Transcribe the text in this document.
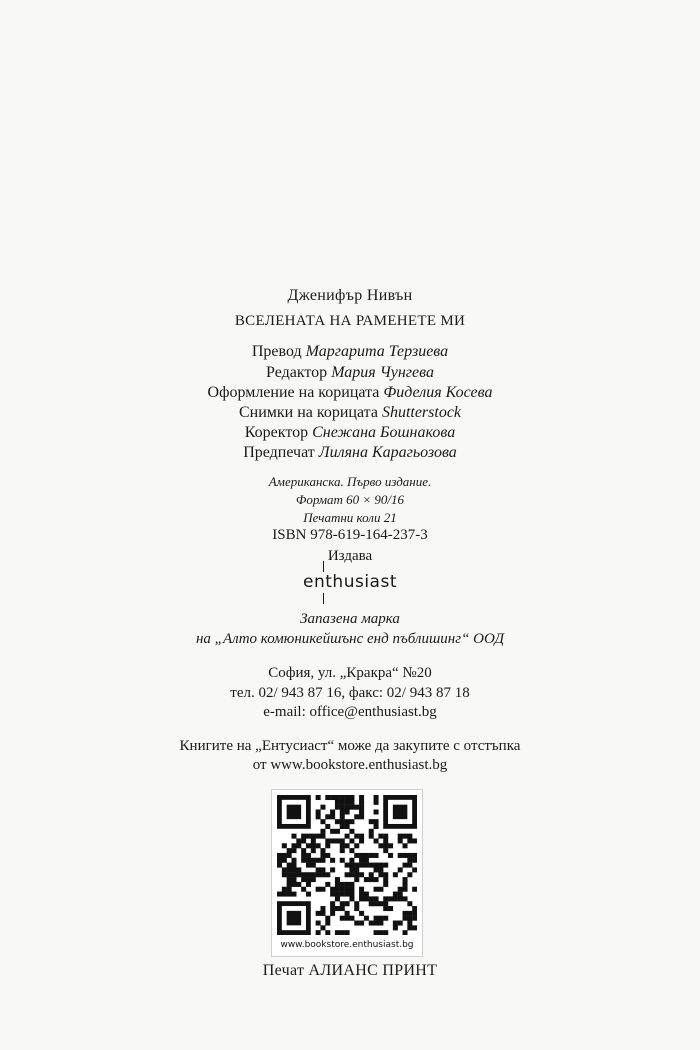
Дженифър Нивън
ВСЕЛЕНАТА НА РАМЕНЕТЕ МИ
Превод Маргарита Терзиева
Редактор Мария Чунгева
Оформление на корицата Фиделия Косева
Снимки на корицата Shutterstock
Коректор Снежана Бошнакова
Предпечат Лиляна Карагьозова
Американска. Първо издание.
Формат 60 × 90/16
Печатни коли 21
ISBN 978-619-164-237-3
Издава
enthusiast
Запазена марка
на „Алто комюникейшънс енд пъблишинг“ ООД
София, ул. „Кракра“ №20
тел. 02/ 943 87 16, факс: 02/ 943 87 18
e-mail: office@enthusiast.bg
Книгите на „Ентусиаст“ може да закупите с отстъпка
от www.bookstore.enthusiast.bg
www.bookstore.enthusiast.bg
Печат АЛИАНС ПРИНТ
